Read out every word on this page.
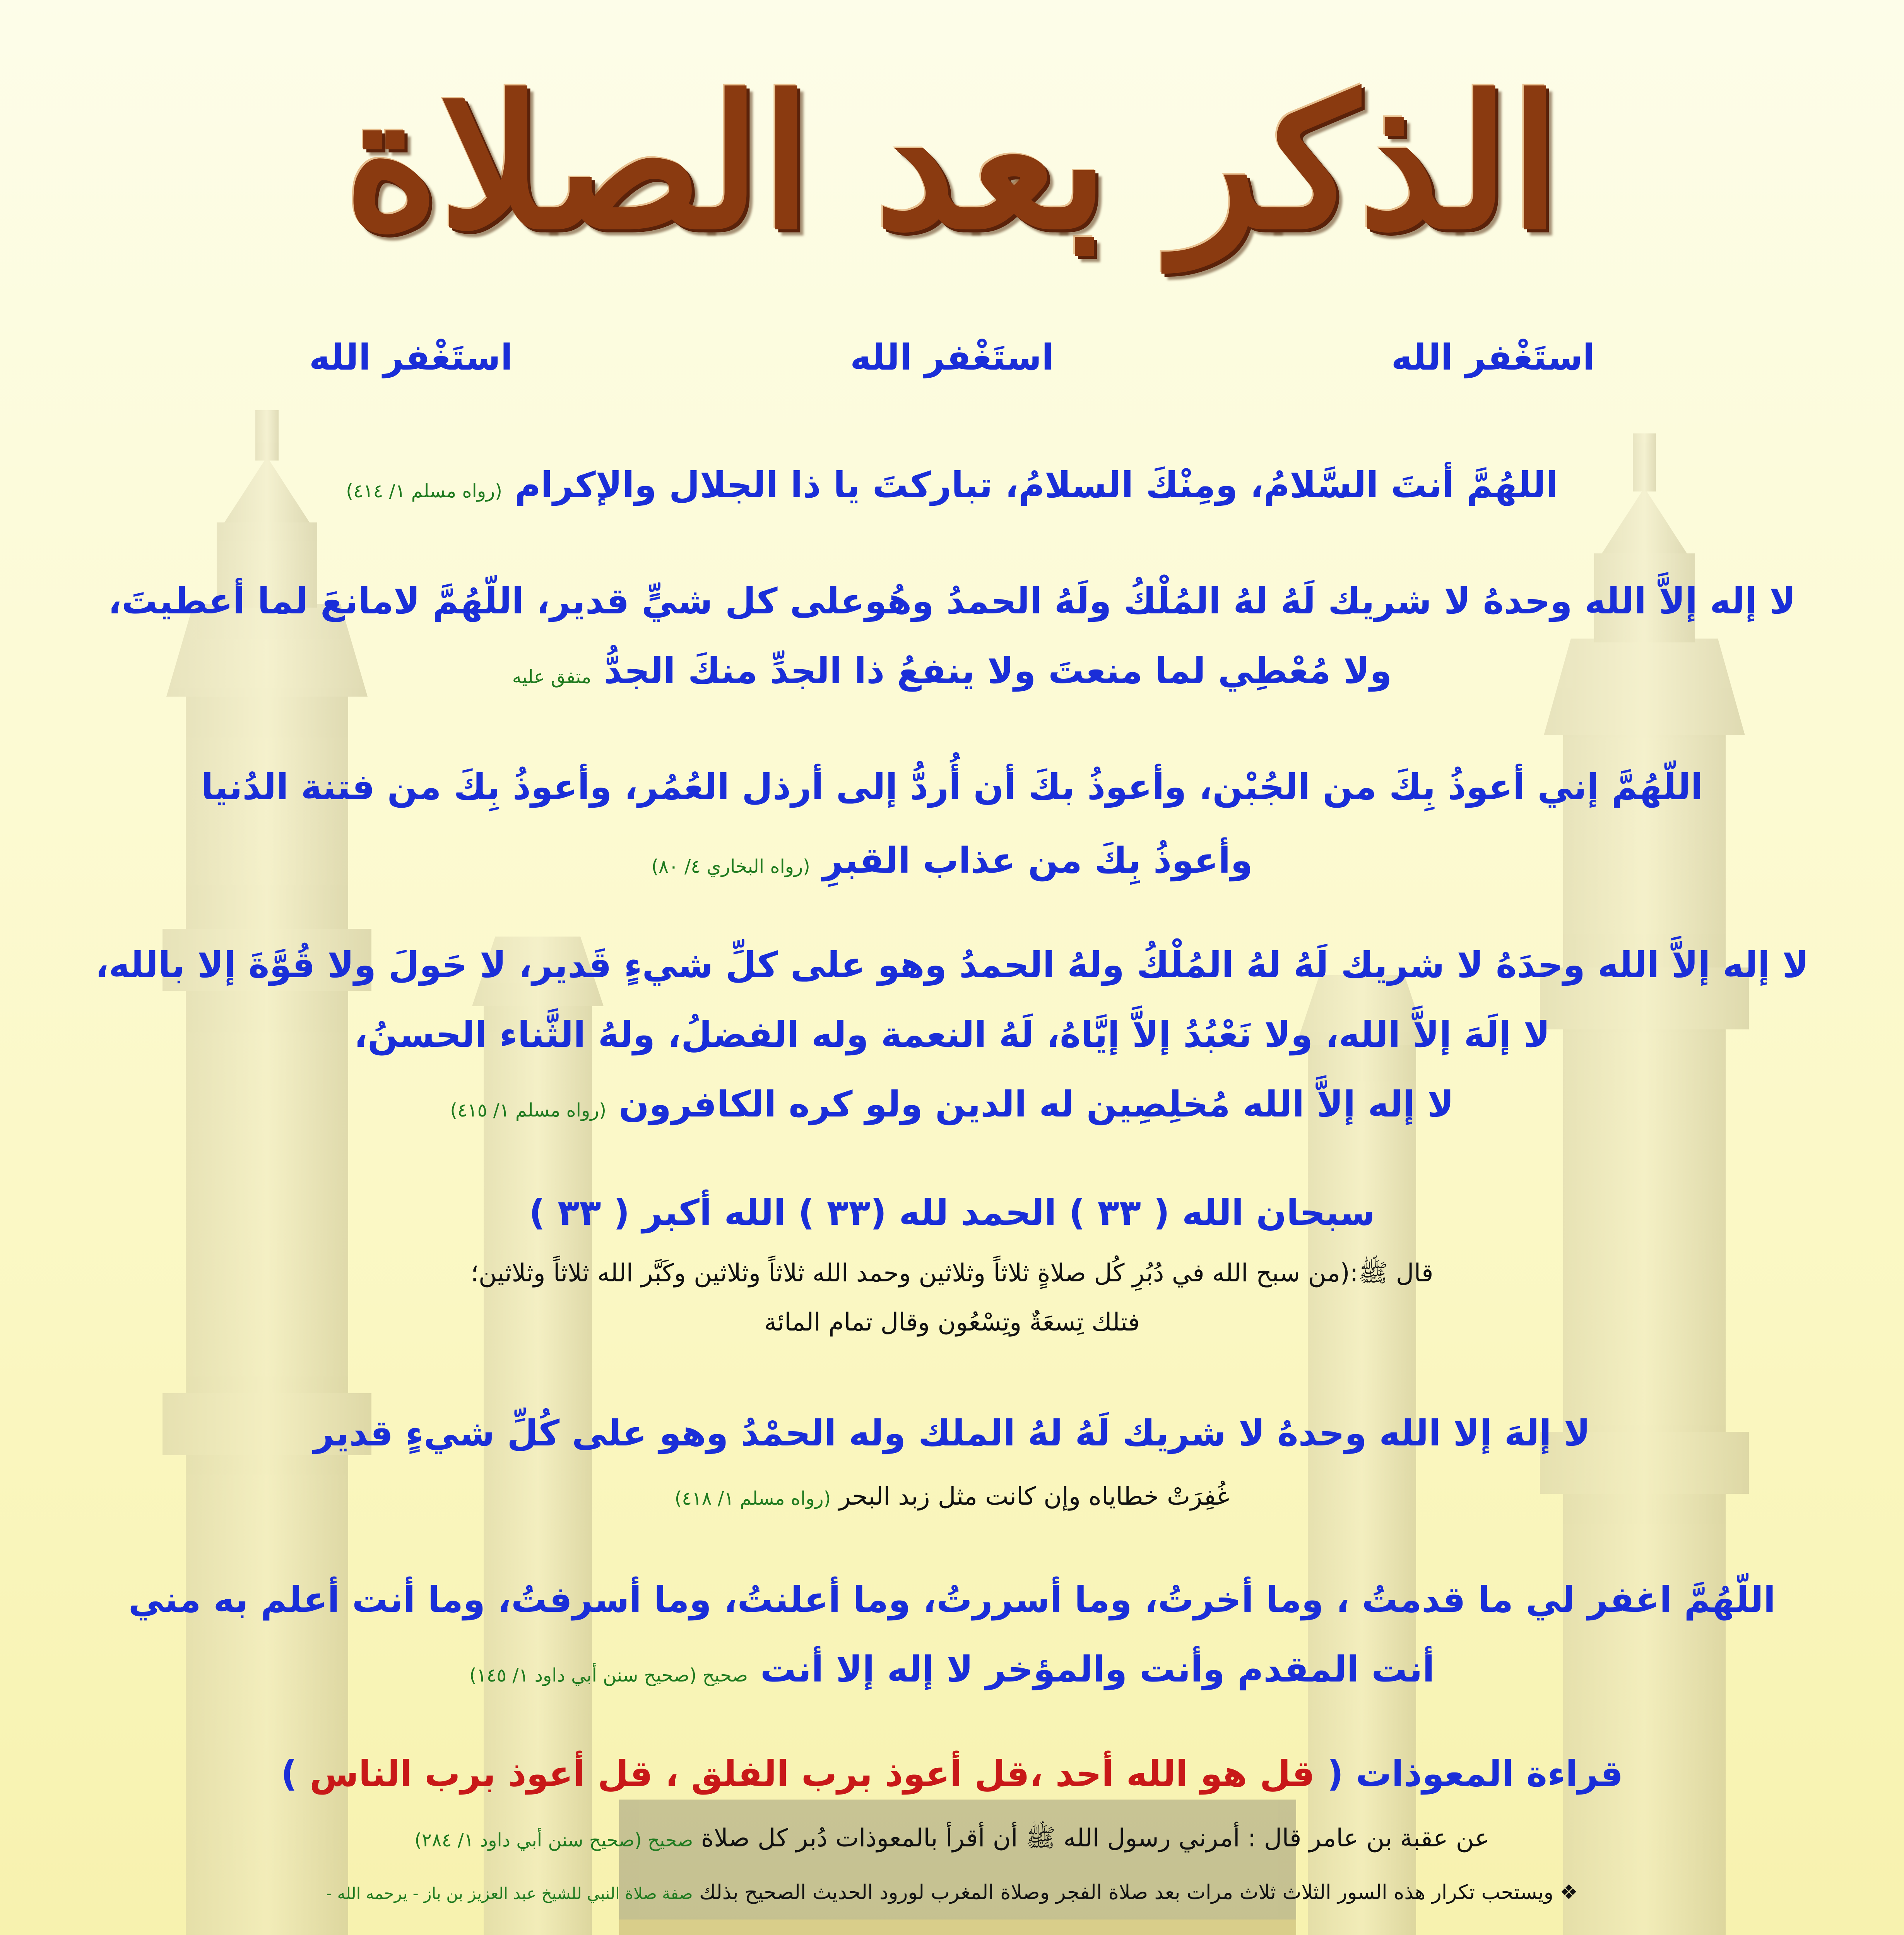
الذكر بعد الصلاة
استَغْفر الله استَغْفر الله استَغْفر الله
اللهُمَّ أنتَ السَّلامُ، ومِنْكَ السلامُ، تباركتَ يا ذا الجلال والإكرام (رواه مسلم ١/ ٤١٤)
لا إله إلاَّ الله وحدهُ لا شريك لَهُ لهُ المُلْكُ ولَهُ الحمدُ وهُوعلى كل شيٍّ قدير، اللّهُمَّ لامانعَ لما أعطيتَ،
ولا مُعْطِي لما منعتَ ولا ينفعُ ذا الجدِّ منكَ الجدُّ متفق عليه
اللّهُمَّ إني أعوذُ بِكَ من الجُبْن، وأعوذُ بكَ أن أُردُّ إلى أرذل العُمُر، وأعوذُ بِكَ من فتنة الدُنيا
وأعوذُ بِكَ من عذاب القبرِ (رواه البخاري ٤/ ٨٠)
لا إله إلاَّ الله وحدَهُ لا شريك لَهُ لهُ المُلْكُ ولهُ الحمدُ وهو على كلِّ شيءٍ قَدير، لا حَولَ ولا قُوَّةَ إلا بالله،
لا إلَهَ إلاَّ الله، ولا نَعْبُدُ إلاَّ إيَّاهُ، لَهُ النعمة وله الفضلُ، ولهُ الثَّناء الحسنُ،
لا إله إلاَّ الله مُخلِصِين له الدين ولو كره الكافرون (رواه مسلم ١/ ٤١٥)
سبحان الله ( ٣٣ ) الحمد لله (٣٣ ) الله أكبر ( ٣٣ )
قال ﷺ:(من سبح الله في دُبُرِ كُل صلاةٍ ثلاثاً وثلاثين وحمد الله ثلاثاً وثلاثين وكَبَّر الله ثلاثاً وثلاثين؛
فتلك تِسعَةٌ وتِسْعُون وقال تمام المائة
لا إلهَ إلا الله وحدهُ لا شريك لَهُ لهُ الملك وله الحمْدُ وهو على كُلِّ شيءٍ قدير
غُفِرَتْ خطاياه وإن كانت مثل زبد البحر (رواه مسلم ١/ ٤١٨)
اللّهُمَّ اغفر لي ما قدمتُ ، وما أخرتُ، وما أسررتُ، وما أعلنتُ، وما أسرفتُ، وما أنت أعلم به مني
أنت المقدم وأنت والمؤخر لا إله إلا أنت صحيح (صحيح سنن أبي داود ١/ ١٤٥)
قراءة المعوذات ( قل هو الله أحد ،قل أعوذ برب الفلق ، قل أعوذ برب الناس )
عن عقبة بن عامر قال : أمرني رسول الله ﷺ أن أقرأ بالمعوذات دُبر كل صلاة صحيح (صحيح سنن أبي داود ١/ ٢٨٤)
❖ ويستحب تكرار هذه السور الثلاث ثلاث مرات بعد صلاة الفجر وصلاة المغرب لورود الحديث الصحيح بذلك صفة صلاة النبي للشيخ عبد العزيز بن باز - يرحمه الله -
